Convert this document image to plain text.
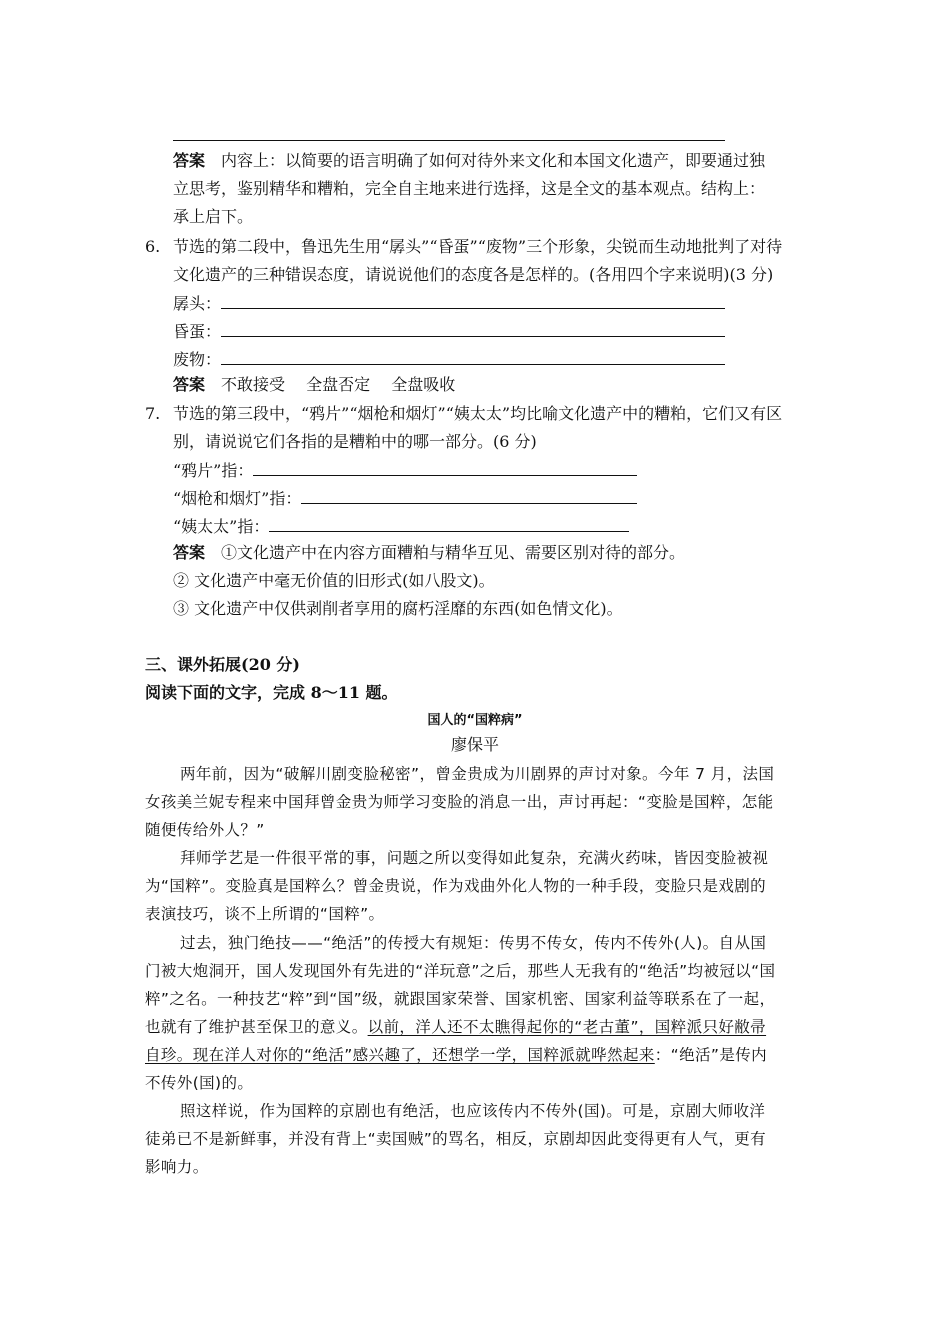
答案　 内容上：以简要的语言明确了如何对待外来文化和本国文化遗产，即要通过独
立思考，鉴别精华和糟粕，完全自主地来进行选择，这是全文的基本观点。结构上：
承上启下。
6. 节选的第二段中，鲁迅先生用“孱头”“昏蛋”“废物”三个形象，尖锐而生动地批判了对待
文化遗产的三种错误态度，请说说他们的态度各是怎样的。(各用四个字来说明)(3 分)
孱头：
昏蛋：
废物：
答案　 不敢接受　 全盘否定　 全盘吸收
7. 节选的第三段中，“鸦片”“烟枪和烟灯”“姨太太”均比喻文化遗产中的糟粕，它们又有区
别，请说说它们各指的是糟粕中的哪一部分。(6 分)
“鸦片”指：
“烟枪和烟灯”指：
“姨太太”指：
答案　 ①文化遗产中在内容方面糟粕与精华互见、需要区别对待的部分。
② 文化遗产中毫无价值的旧形式(如八股文)。
③ 文化遗产中仅供剥削者享用的腐朽淫靡的东西(如色情文化)。
三、课外拓展(20 分)
阅读下面的文字，完成 8～11 题。
国人的“国粹病”
廖保平
两年前，因为“破解川剧变脸秘密”，曾金贵成为川剧界的声讨对象。今年 7 月，法国
女孩美兰妮专程来中国拜曾金贵为师学习变脸的消息一出，声讨再起：“变脸是国粹，怎能
随便传给外人？”
拜师学艺是一件很平常的事，问题之所以变得如此复杂，充满火药味，皆因变脸被视
为“国粹”。变脸真是国粹么？曾金贵说，作为戏曲外化人物的一种手段，变脸只是戏剧的
表演技巧，谈不上所谓的“国粹”。
过去，独门绝技——“绝活”的传授大有规矩：传男不传女，传内不传外(人)。自从国
门被大炮洞开，国人发现国外有先进的“洋玩意”之后，那些人无我有的“绝活”均被冠以“国
粹”之名。一种技艺“粹”到“国”级，就跟国家荣誉、国家机密、国家利益等联系在了一起，
也就有了维护甚至保卫的意义。以前，洋人还不太瞧得起你的“老古董”，国粹派只好敝帚
自珍。现在洋人对你的“绝活”感兴趣了，还想学一学，国粹派就哗然起来：“绝活”是传内
不传外(国)的。
照这样说，作为国粹的京剧也有绝活，也应该传内不传外(国)。可是，京剧大师收洋
徒弟已不是新鲜事，并没有背上“卖国贼”的骂名，相反，京剧却因此变得更有人气，更有
影响力。
